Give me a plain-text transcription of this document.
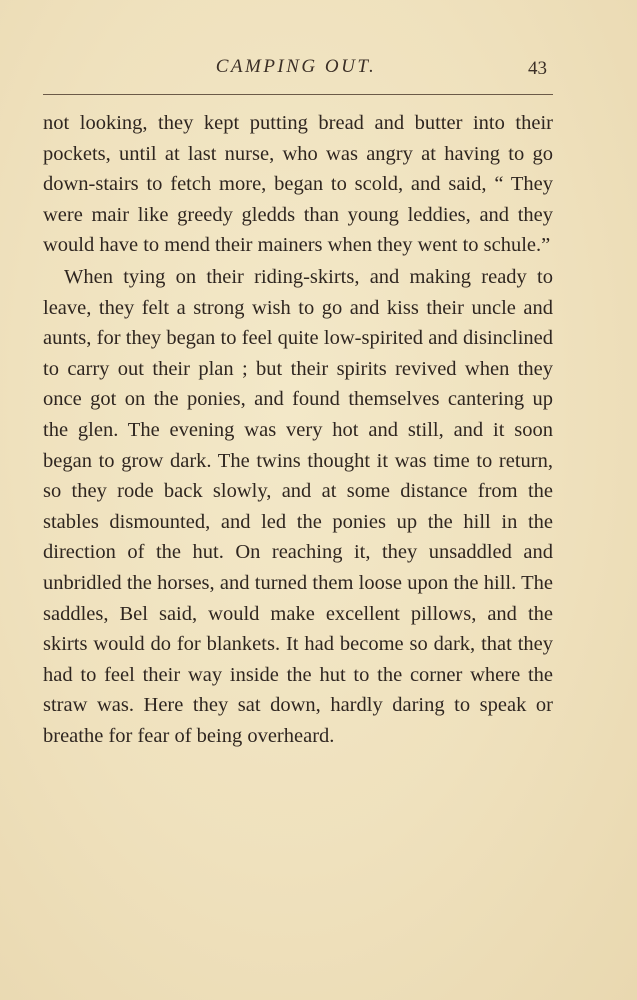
CAMPING OUT.	43

not looking, they kept putting bread and butter into their pockets, until at last nurse, who was angry at having to go down-stairs to fetch more, began to scold, and said, “ They were mair like greedy gledds than young leddies, and they would have to mend their mainers when they went to schule.”

When tying on their riding-skirts, and making ready to leave, they felt a strong wish to go and kiss their uncle and aunts, for they began to feel quite low-spirited and disinclined to carry out their plan ; but their spirits revived when they once got on the ponies, and found themselves cantering up the glen. The evening was very hot and still, and it soon began to grow dark. The twins thought it was time to return, so they rode back slowly, and at some distance from the stables dismounted, and led the ponies up the hill in the direction of the hut. On reaching it, they unsaddled and unbridled the horses, and turned them loose upon the hill. The saddles, Bel said, would make excellent pillows, and the skirts would do for blankets. It had become so dark, that they had to feel their way inside the hut to the corner where the straw was. Here they sat down, hardly daring to speak or breathe for fear of being overheard.
